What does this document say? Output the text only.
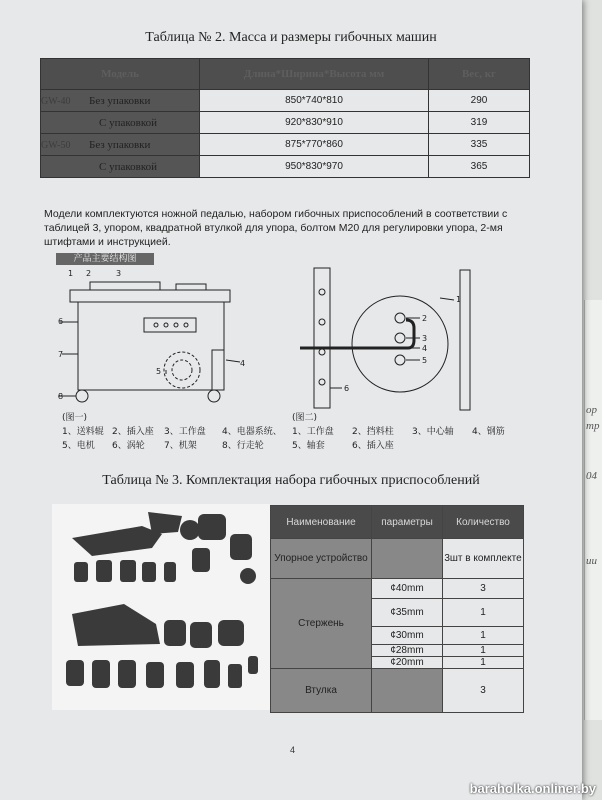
ор
тр
04
ии
Таблица № 2. Масса и размеры гибочных машин
Модель	Длина*Ширина*Высота мм	Вес, кг
GW-40 Без упаковки	850*740*810	290
С упаковкой	920*830*910	319
GW-50 Без упаковки	875*770*860	335
С упаковкой	950*830*970	365
Модели комплектуются ножной педалью, набором гибочных приспособлений в соответствии с таблицей 3, упором, квадратной втулкой для упора, болтом М20 для регулировки упора, 2-мя штифтами и инструкцией.
产品主要结构图
1 2	3
4
5
6
7
8
1
2
3
4
5
6
(图一)
1、送料辊 2、插入座 3、工作盘 4、电器系统、
5、电机 6、涡轮 7、机架	8、行走轮
(图二)
1、工作盘 2、挡料柱 3、中心轴 4、钢筋
5、轴套	6、插入座
Таблица № 3. Комплектация набора гибочных приспособлений
Наименование	параметры	Количество
Упорное устройство		3шт в комплекте
Стержень	¢40mm	3
	¢35mm	1
	¢30mm	1
	¢28mm	1
	¢20mm	1
Втулка		3
4
baraholka.onliner.by
